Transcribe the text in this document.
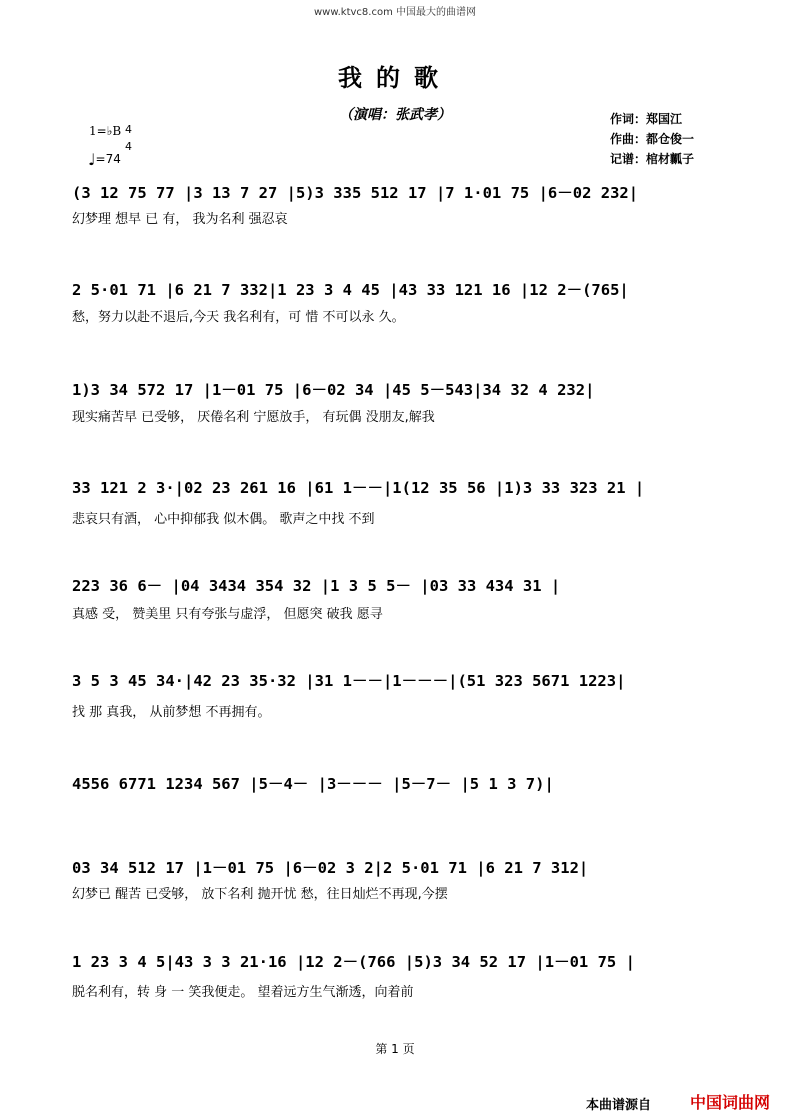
www.ktvc8.com 中国最大的曲谱网
我的歌
（演唱：张武孝）	作词：郑国江
作曲：都仓俊一
记谱：棺材瓤子
1=♭B 4
4
♩=74
(3 12 75 77 |3 13 7 27 |5)3 335 512 17 |7 1·01 75 |6－02 232|
幻梦理 想早 已 有， 我为名利 强忍哀
2 5·01 71 |6 21 7 332|1 23 3 4 45 |43 33 121 16 |12 2－(765|
愁，努力以赴不退后,今天 我名利有，可 惜 不可以永 久。
1)3 34 572 17 |1－01 75 |6－02 34 |45 5－543|34 32 4 232|
现实痛苦早 已受够， 厌倦名利 宁愿放手， 有玩偶 没朋友,解我
33 121 2 3·|02 23 261 16 |61 1－－|1(12 35 56 |1)3 33 323 21 |
悲哀只有酒， 心中抑郁我 似木偶。 歌声之中找 不到
223 36 6－ |04 3434 354 32 |1 3 5 5－ |03 33 434 31 |
真感 受， 赞美里 只有夸张与虚浮， 但愿突 破我 愿寻
3 5 3 45 34·|42 23 35·32 |31 1－－|1－－－|(51 323 5671 1223|
找 那 真我， 从前梦想 不再拥有。
4556 6771 1234 567 |5－4－ |3－－－ |5－7－ |5 1 3 7)|
03 34 512 17 |1－01 75 |6－02 3 2|2 5·01 71 |6 21 7 312|
幻梦已 醒苦 已受够， 放下名利 抛开忧 愁，往日灿烂不再现,今摆
1 23 3 4 5|43 3 3 21·16 |12 2－(766 |5)3 34 52 17 |1－01 75 |
脱名利有，转 身 一 笑我便走。 望着远方生气渐透，向着前
第 1 页
本曲谱源自 中国词曲网
